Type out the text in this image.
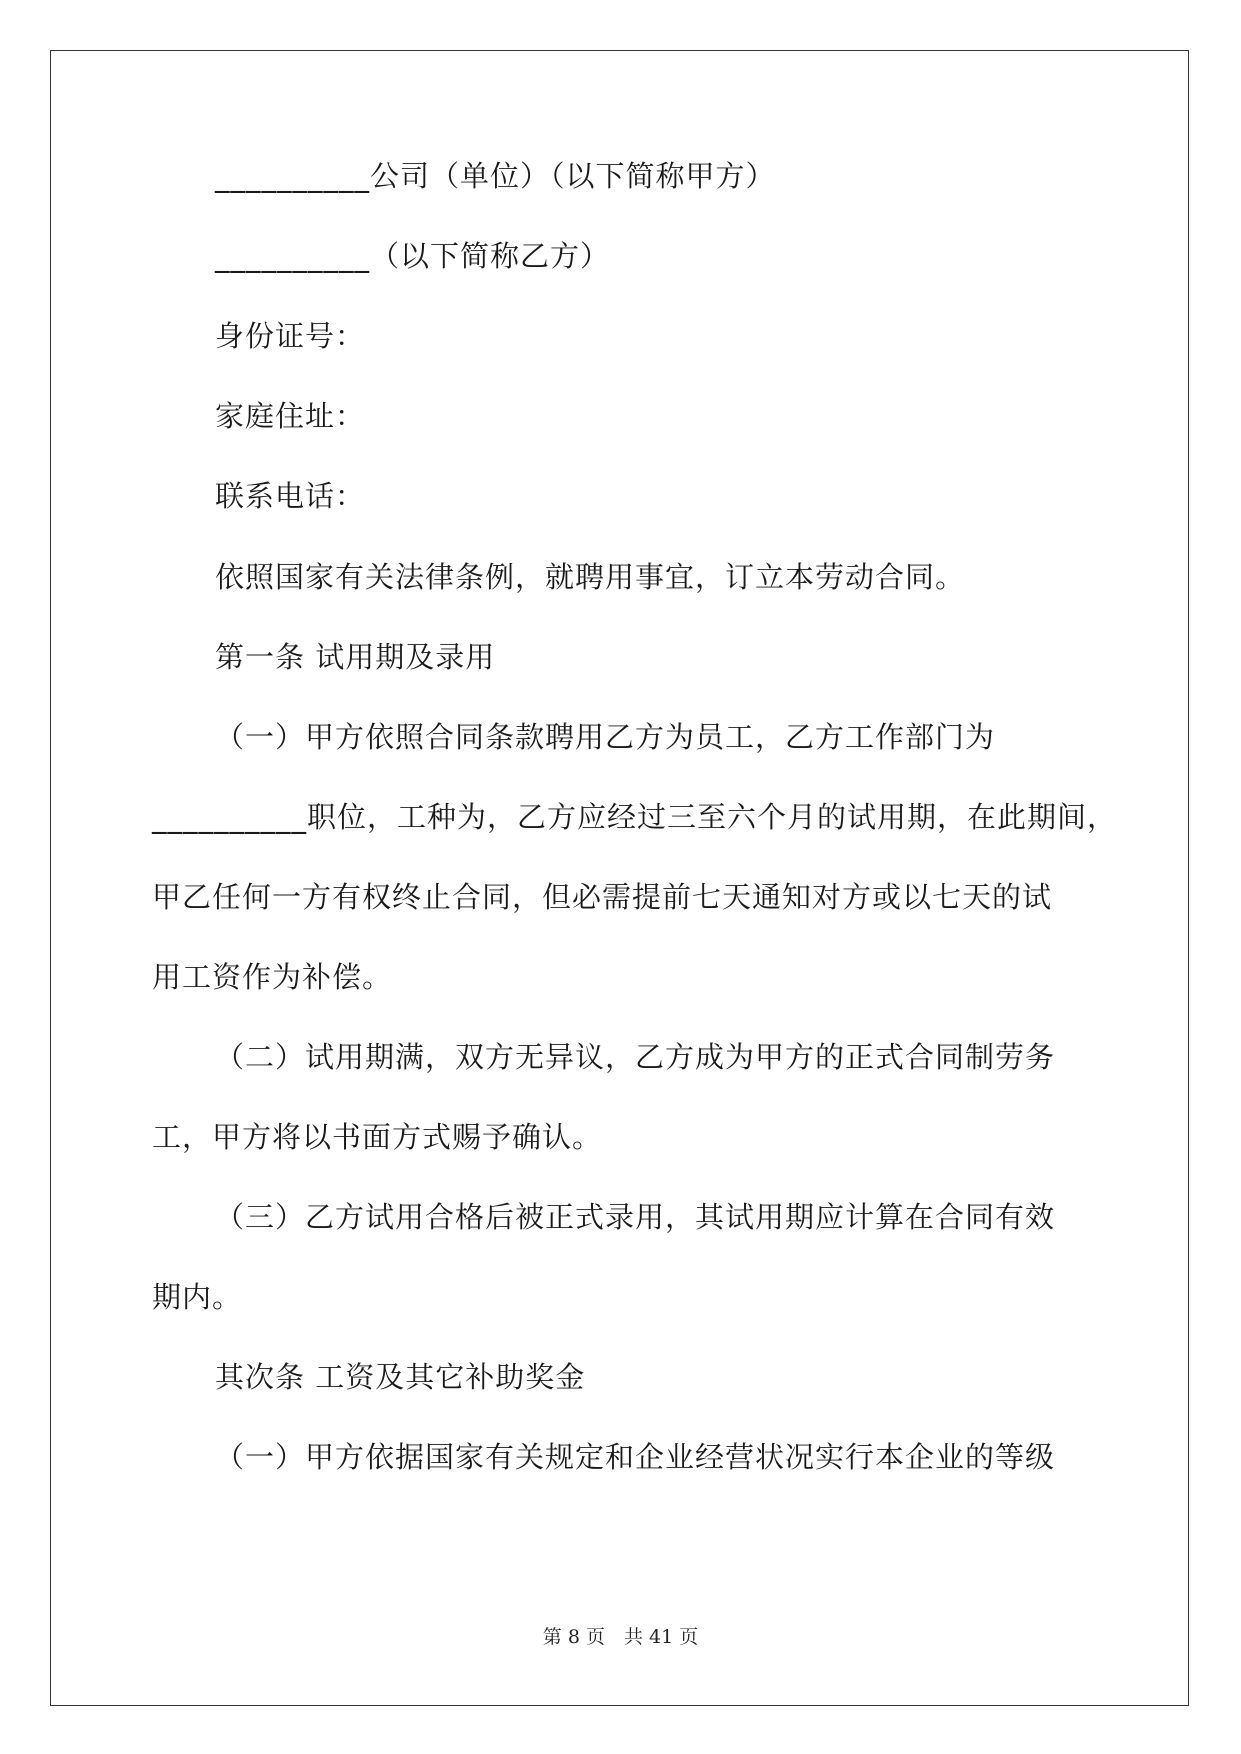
__________公司（单位）（以下简称甲方）

__________（以下简称乙方）

身份证号：

家庭住址：

联系电话：

依照国家有关法律条例，就聘用事宜，订立本劳动合同。

第一条 试用期及录用

（一）甲方依照合同条款聘用乙方为员工，乙方工作部门为

__________职位，工种为，乙方应经过三至六个月的试用期，在此期间，

甲乙任何一方有权终止合同，但必需提前七天通知对方或以七天的试

用工资作为补偿。

（二）试用期满，双方无异议，乙方成为甲方的正式合同制劳务

工，甲方将以书面方式赐予确认。

（三）乙方试用合格后被正式录用，其试用期应计算在合同有效

期内。

其次条 工资及其它补助奖金

（一）甲方依据国家有关规定和企业经营状况实行本企业的等级

第 8 页　共 41 页
